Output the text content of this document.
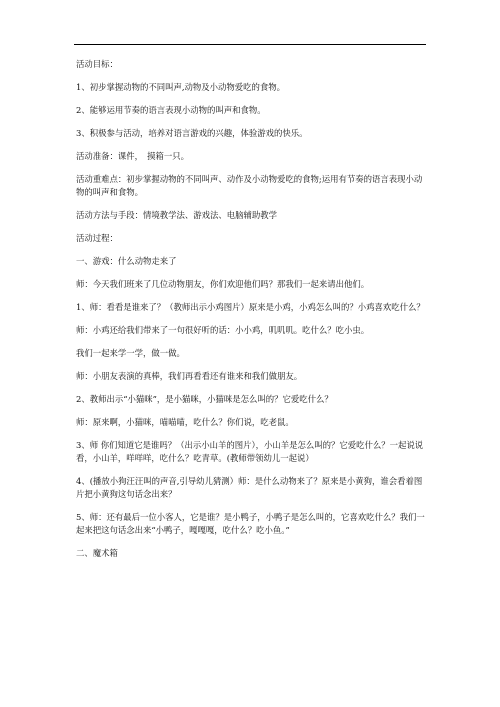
活动目标：

1、初步掌握动物的不同叫声,动物及小动物爱吃的食物。

2、能够运用节奏的语言表现小动物的叫声和食物。

3、积极参与活动，培养对语言游戏的兴趣，体验游戏的快乐。

活动准备：课件，　摸箱一只。

活动重难点：初步掌握动物的不同叫声、动作及小动物爱吃的食物;运用有节奏的语言表现小动物的叫声和食物。

活动方法与手段：情境教学法、游戏法、电脑辅助教学

活动过程：

一、游戏：什么动物走来了

师：今天我们班来了几位动物朋友，你们欢迎他们吗？那我们一起来请出他们。

1、师：看看是谁来了？（教师出示小鸡图片）原来是小鸡，小鸡怎么叫的？小鸡喜欢吃什么？

师：小鸡还给我们带来了一句很好听的话：小小鸡，叽叽叽。吃什么？吃小虫。

我们一起来学一学，做一做。

师：小朋友表演的真棒，我们再看看还有谁来和我们做朋友。

2、教师出示“小猫咪”，是小猫咪，小猫咪是怎么叫的？它爱吃什么？

师：原来啊，小猫咪，喵喵喵，吃什么？你们说，吃老鼠。

3、师 你们知道它是谁吗？（出示小山羊的图片），小山羊是怎么叫的？它爱吃什么？一起说说看，小山羊，咩咩咩，吃什么？吃青草。(教师带领幼儿一起说）

4、(播放小狗汪汪叫的声音,引导幼儿猜测）师：是什么动物来了？原来是小黄狗，谁会看着图片把小黄狗这句话念出来？

5、师：还有最后一位小客人，它是谁？是小鸭子，小鸭子是怎么叫的，它喜欢吃什么？我们一起来把这句话念出来“小鸭子，嘎嘎嘎，吃什么？吃小鱼。”

二、魔术箱
